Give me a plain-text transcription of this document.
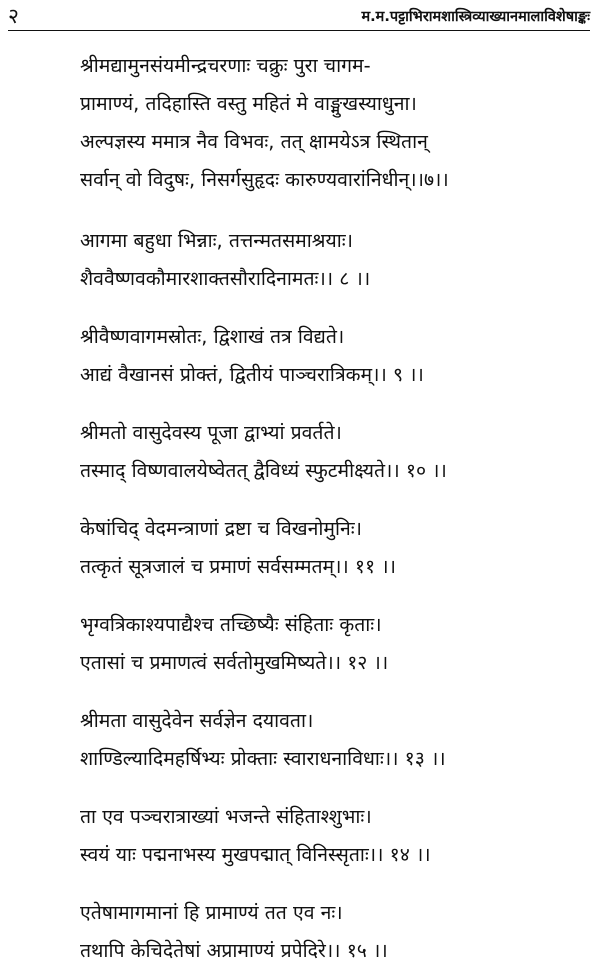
२	म.म.पट्टाभिरामशास्त्रिव्याख्यानमालाविशेषाङ्कः
श्रीमद्यामुनसंयमीन्द्रचरणाः चक्रुः पुरा चागम-
प्रामाण्यं, तदिहास्ति वस्तु महितं मे वाङ्मुखस्याधुना।
अल्पज्ञस्य ममात्र नैव विभवः, तत् क्षामयेऽत्र स्थितान्
सर्वान् वो विदुषः, निसर्गसुहृदः कारुण्यवारांनिधीन्।।७।।
आगमा बहुधा भिन्नाः, तत्तन्मतसमाश्रयाः।
शैववैष्णवकौमारशाक्तसौरादिनामतः।। ८ ।।
श्रीवैष्णवागमस्रोतः, द्विशाखं तत्र विद्यते।
आद्यं वैखानसं प्रोक्तं, द्वितीयं पाञ्चरात्रिकम्।। ९ ।।
श्रीमतो वासुदेवस्य पूजा द्वाभ्यां प्रवर्तते।
तस्माद् विष्णवालयेष्वेतत् द्वैविध्यं स्फुटमीक्ष्यते।। १० ।।
केषांचिद् वेदमन्त्राणां द्रष्टा च विखनोमुनिः।
तत्कृतं सूत्रजालं च प्रमाणं सर्वसम्मतम्।। ११ ।।
भृग्वत्रिकाश्यपाद्यैश्च तच्छिष्यैः संहिताः कृताः।
एतासां च प्रमाणत्वं सर्वतोमुखमिष्यते।। १२ ।।
श्रीमता वासुदेवेन सर्वज्ञेन दयावता।
शाण्डिल्यादिमहर्षिभ्यः प्रोक्ताः स्वाराधनाविधाः।। १३ ।।
ता एव पञ्चरात्राख्यां भजन्ते संहिताश्शुभाः।
स्वयं याः पद्मनाभस्य मुखपद्मात् विनिस्सृताः।। १४ ।।
एतेषामागमानां हि प्रामाण्यं तत एव नः।
तथापि केचिदेतेषां अप्रामाण्यं प्रपेदिरे।। १५ ।।
